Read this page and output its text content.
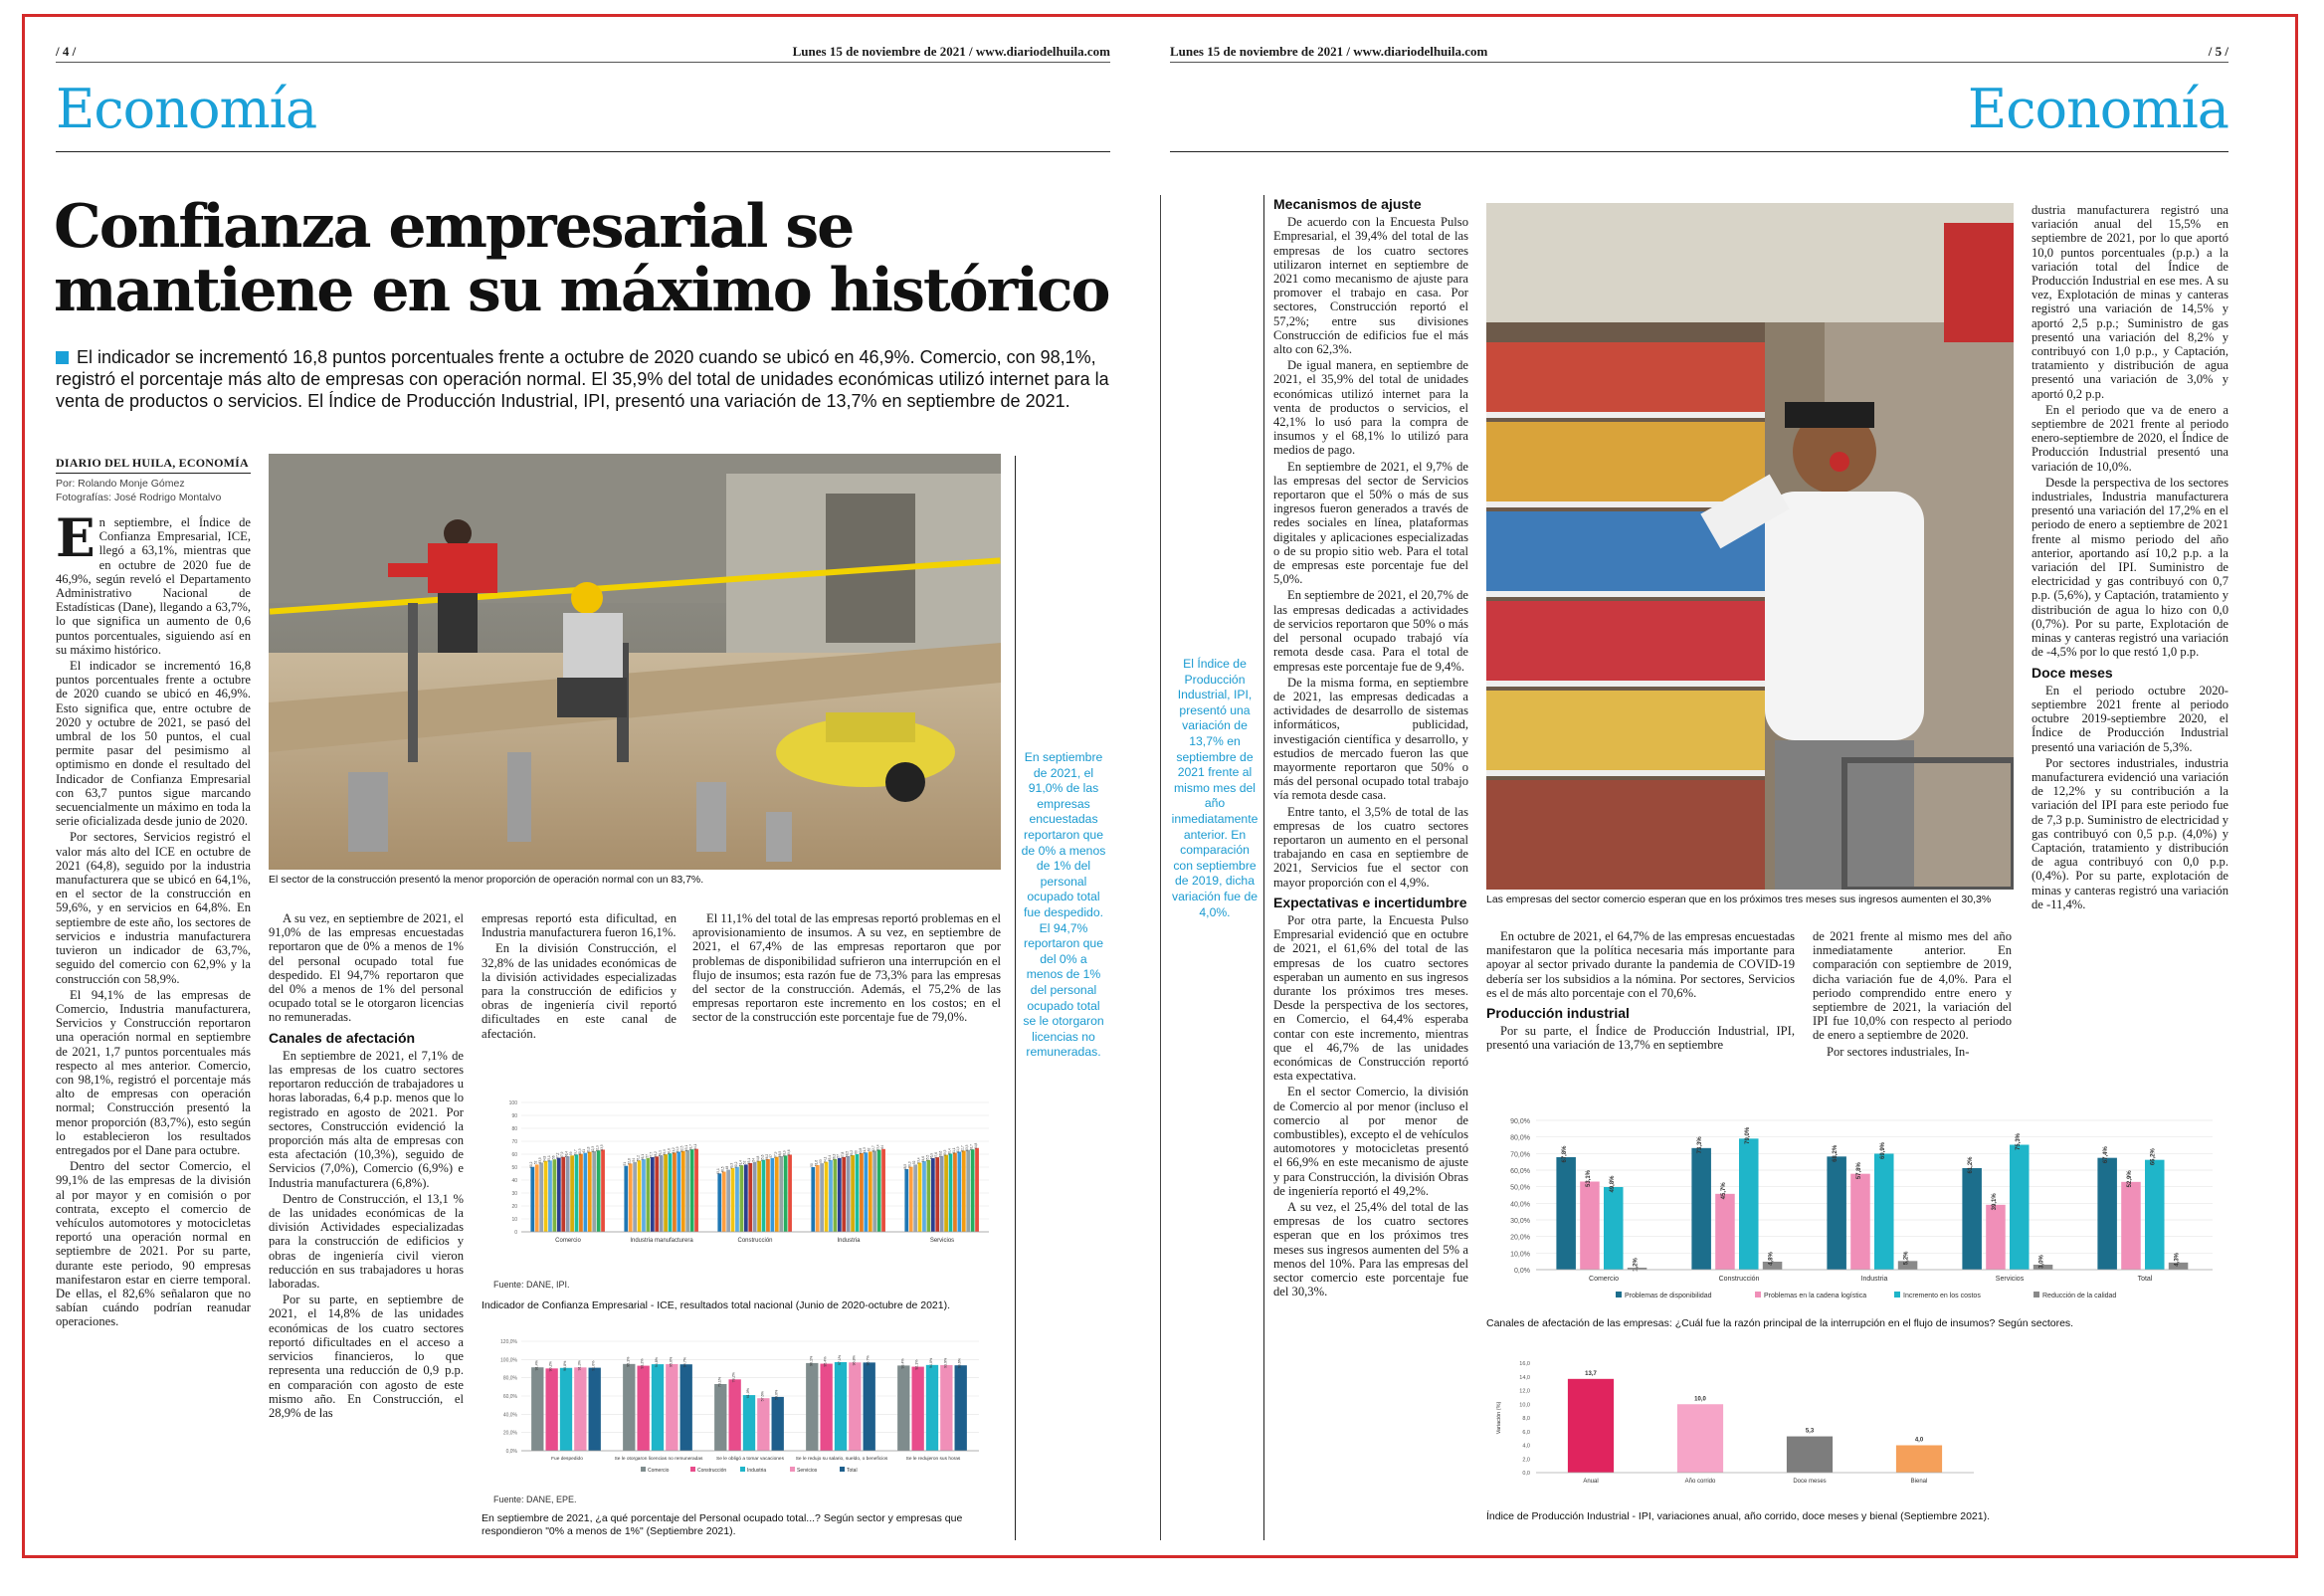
/ 4 /	Lunes 15 de noviembre de 2021 / www.diariodelhuila.com
Economía
Confianza empresarial se
mantiene en su máximo histórico
El indicador se incrementó 16,8 puntos porcentuales frente a octubre de 2020 cuando se ubicó en 46,9%. Comercio, con 98,1%, registró el porcentaje más alto de empresas con operación normal. El 35,9% del total de unidades económicas utilizó internet para la venta de productos o servicios. El Índice de Producción Industrial, IPI, presentó una variación de 13,7% en septiembre de 2021.
DIARIO DEL HUILA, ECONOMÍA
Por: Rolando Monje Gómez
Fotografías: José Rodrigo Montalvo

En septiembre, el Índice de Confianza Empresarial, ICE, llegó a 63,1%, mientras que en octubre de 2020 fue de 46,9%, según reveló el Departamento Administrativo Nacional de Estadísticas (Dane), llegando a 63,7%, lo que significa un aumento de 0,6 puntos porcentuales, siguiendo así en su máximo histórico.

El indicador se incrementó 16,8 puntos porcentuales frente a octubre de 2020 cuando se ubicó en 46,9%. Esto significa que, entre octubre de 2020 y octubre de 2021, se pasó del umbral de los 50 puntos, el cual permite pasar del pesimismo al optimismo en donde el resultado del Indicador de Confianza Empresarial con 63,7 puntos sigue marcando secuencialmente un máximo en toda la serie oficializada desde junio de 2020.

Por sectores, Servicios registró el valor más alto del ICE en octubre de 2021 (64,8), seguido por la industria manufacturera que se ubicó en 64,1%, en el sector de la construcción en 59,6%, y en servicios en 64,8%. En septiembre de este año, los sectores de servicios e industria manufacturera tuvieron un indicador de 63,7%, seguido del comercio con 62,9% y la construcción con 58,9%.

El 94,1% de las empresas de Comercio, Industria manufacturera, Servicios y Construcción reportaron una operación normal en septiembre de 2021, 1,7 puntos porcentuales más respecto al mes anterior. Comercio, con 98,1%, registró el porcentaje más alto de empresas con operación normal; Construcción presentó la menor proporción (83,7%), esto según lo establecieron los resultados entregados por el Dane para octubre.

Dentro del sector Comercio, el 99,1% de las empresas de la división al por mayor y en comisión o por contrata, excepto el comercio de vehículos automotores y motocicletas reportó una operación normal en septiembre de 2021. Por su parte, durante este periodo, 90 empresas manifestaron estar en cierre temporal. De ellas, el 82,6% señalaron que no sabían cuándo podrían reanudar operaciones.

El sector de la construcción presentó la menor proporción de operación normal con un 83,7%.
En septiembre de 2021, el 91,0% de las empresas encuestadas reportaron que de 0% a menos de 1% del personal ocupado total fue despedido. El 94,7% reportaron que del 0% a menos de 1% del personal ocupado total se le otorgaron licencias no remuneradas.

A su vez, en septiembre de 2021, el 91,0% de las empresas encuestadas reportaron que de 0% a menos de 1% del personal ocupado total fue despedido. El 94,7% reportaron que del 0% a menos de 1% del personal ocupado total se le otorgaron licencias no remuneradas.

Canales de afectación

En septiembre de 2021, el 7,1% de las empresas de los cuatro sectores reportaron reducción de trabajadores u horas laboradas, 6,4 p.p. menos que lo registrado en agosto de 2021. Por sectores, Construcción evidenció la proporción más alta de empresas con esta afectación (10,3%), seguido de Servicios (7,0%), Comercio (6,9%) e Industria manufacturera (6,8%).

Dentro de Construcción, el 13,1 % de las unidades económicas de la división Actividades especializadas para la construcción de edificios y obras de ingeniería civil vieron reducción en sus trabajadores u horas laboradas.

Por su parte, en septiembre de 2021, el 14,8% de las unidades económicas de los cuatro sectores reportó dificultades en el acceso a servicios financieros, lo que representa una reducción de 0,9 p.p. en comparación con agosto de este mismo año. En Construcción, el 28,9% de las

empresas reportó esta dificultad, en Industria manufacturera fueron 16,1%.

En la división Construcción, el 32,8% de las unidades económicas de la división actividades especializadas para la construcción de edificios y obras de ingeniería civil reportó dificultades en este canal de afectación.

El 11,1% del total de las empresas reportó problemas en el aprovisionamiento de insumos. A su vez, en septiembre de 2021, el 67,4% de las empresas reportaron que por problemas de disponibilidad sufrieron una interrupción en el flujo de insumos; esta razón fue de 73,3% para las empresas del sector de la construcción. Además, el 75,2% de las empresas reportaron este incremento en los costos; en el sector de la construcción este porcentaje fue de 79,0%.

0
10
20
30
40
50
60
70
80
90
100
50,2 52 53,5 54,8 55,1 56 57,2 57,9 58,4 59 59,7 60,3 61 61,8 62,3 62,9 63,5
Comercio
51 52,8 54 55,2 56,1 57 57,7 58,2 59,1 59,9 60,6 61,2 61,9 62,5 63,1 63,7 64,1
Industria manufacturera
45,1 46,5 48 49,3 50,2 51,4 52 53,1 54 54,8 55,6 56,2 57 57,9 58,5 58,9 59,6
Construcción
50 51,6 53 54,1 55,4 56,3 57 57,8 58,5 59,2 60 60,8 61,3 62 62,7 63,4 64
Industria
48,5 50,3 52 53,4 54,6 55,5 56,9 57,6 58,6 59,5 60,4 61,1 61,9 62,7 63,3 63,7 64,8
Servicios
Fuente: DANE, IPI.
Indicador de Confianza Empresarial - ICE, resultados total nacional (Junio de 2020-octubre de 2021).
0,0%
20,0%
40,0%
60,0%
80,0%
100,0%
120,0%
91,4%	90,2%	90,8%	91,3%	91,0%
Fue despedido
95,1%	93,2%	94,8%	95,0%	94,7%
Se le otorgaron licencias no remuneradas
73,1%	78,2%
61,0%	57,6%	59,0%
Se le obligó a tomar vacaciones
96,1%	95,4%	97,1%	96,8%	96,7%
Se le redujo su salario, sueldo, o beneficios
93,4%	92,1%	94,0%	93,9%	93,6%
Se le redujeron sus horas
Comercio	Construcción	Industria	Servicios	Total
Fuente: DANE, EPE.
En septiembre de 2021, ¿a qué porcentaje del Personal ocupado total...? Según sector y empresas que respondieron "0% a menos de 1%" (Septiembre 2021).
Lunes 15 de noviembre de 2021 / www.diariodelhuila.com	/ 5 /
Economía
El Índice de Producción Industrial, IPI, presentó una variación de 13,7% en septiembre de 2021 frente al mismo mes del año inmediatamente anterior. En comparación con septiembre de 2019, dicha variación fue de 4,0%.
Mecanismos de ajuste

De acuerdo con la Encuesta Pulso Empresarial, el 39,4% del total de las empresas de los cuatro sectores utilizaron internet en septiembre de 2021 como mecanismo de ajuste para promover el trabajo en casa. Por sectores, Construcción reportó el 57,2%; entre sus divisiones Construcción de edificios fue el más alto con 62,3%.

De igual manera, en septiembre de 2021, el 35,9% del total de unidades económicas utilizó internet para la venta de productos o servicios, el 42,1% lo usó para la compra de insumos y el 68,1% lo utilizó para medios de pago.

En septiembre de 2021, el 9,7% de las empresas del sector de Servicios reportaron que el 50% o más de sus ingresos fueron generados a través de redes sociales en línea, plataformas digitales y aplicaciones especializadas o de su propio sitio web. Para el total de empresas este porcentaje fue del 5,0%.

En septiembre de 2021, el 20,7% de las empresas dedicadas a actividades de servicios reportaron que 50% o más del personal ocupado trabajó vía remota desde casa. Para el total de empresas este porcentaje fue de 9,4%.

De la misma forma, en septiembre de 2021, las empresas dedicadas a actividades de desarrollo de sistemas informáticos, publicidad, investigación científica y desarrollo, y estudios de mercado fueron las que mayormente reportaron que 50% o más del personal ocupado total trabajo vía remota desde casa.

Entre tanto, el 3,5% de total de las empresas de los cuatro sectores reportaron un aumento en el personal trabajando en casa en septiembre de 2021, Servicios fue el sector con mayor proporción con el 4,9%.

Expectativas e incertidumbre

Por otra parte, la Encuesta Pulso Empresarial evidenció que en octubre de 2021, el 61,6% del total de las empresas de los cuatro sectores esperaban un aumento en sus ingresos durante los próximos tres meses. Desde la perspectiva de los sectores, en Comercio, el 64,4% esperaba contar con este incremento, mientras que el 46,7% de las unidades económicas de Construcción reportó esta expectativa.

En el sector Comercio, la división de Comercio al por menor (incluso el comercio al por menor de combustibles), excepto el de vehículos automotores y motocicletas presentó el 66,9% en este mecanismo de ajuste y para Construcción, la división Obras de ingeniería reportó el 49,2%.

A su vez, el 25,4% del total de las empresas de los cuatro sectores esperan que en los próximos tres meses sus ingresos aumenten del 5% a menos del 10%. Para las empresas del sector comercio este porcentaje fue del 30,3%.

Las empresas del sector comercio esperan que en los próximos tres meses sus ingresos aumenten el 30,3%

En octubre de 2021, el 64,7% de las empresas encuestadas manifestaron que la política necesaria más importante para apoyar al sector privado durante la pandemia de COVID-19 debería ser los subsidios a la nómina. Por sectores, Servicios es el de más alto porcentaje con el 70,6%.

Producción industrial

Por su parte, el Índice de Producción Industrial, IPI, presentó una variación de 13,7% en septiembre

de 2021 frente al mismo mes del año inmediatamente anterior. En comparación con septiembre de 2019, dicha variación fue de 4,0%. Para el periodo comprendido entre enero y septiembre de 2021, la variación del IPI fue 10,0% con respecto al periodo de enero a septiembre de 2020.

Por sectores industriales, In-

dustria manufacturera registró una variación anual del 15,5% en septiembre de 2021, por lo que aportó 10,0 puntos porcentuales (p.p.) a la variación total del Índice de Producción Industrial en ese mes. A su vez, Explotación de minas y canteras registró una variación de 14,5% y aportó 2,5 p.p.; Suministro de gas presentó una variación del 8,2% y contribuyó con 1,0 p.p., y Captación, tratamiento y distribución de agua presentó una variación de 3,0% y aportó 0,2 p.p.

En el periodo que va de enero a septiembre de 2021 frente al periodo enero-septiembre de 2020, el Índice de Producción Industrial presentó una variación de 10,0%.

Desde la perspectiva de los sectores industriales, Industria manufacturera presentó una variación del 17,2% en el periodo de enero a septiembre de 2021 frente al mismo periodo del año anterior, aportando así 10,2 p.p. a la variación del IPI. Suministro de electricidad y gas contribuyó con 0,7 p.p. (5,6%), y Captación, tratamiento y distribución de agua lo hizo con 0,0 (0,7%). Por su parte, Explotación de minas y canteras registró una variación de -4,5% por lo que restó 1,0 p.p.

Doce meses

En el periodo octubre 2020-septiembre 2021 frente al periodo octubre 2019-septiembre 2020, el Índice de Producción Industrial presentó una variación de 5,3%.

Por sectores industriales, industria manufacturera evidenció una variación de 12,2% y su contribución a la variación del IPI para este periodo fue de 7,3 p.p. Suministro de electricidad y gas contribuyó con 0,5 p.p. (4,0%) y Captación, tratamiento y distribución de agua contribuyó con 0,0 p.p. (0,4%). Por su parte, explotación de minas y canteras registró una variación de -11,4%.

0,0%
10,0%
20,0%
30,0%
40,0%
50,0%
60,0%
70,0%
80,0%
90,0%
67,8%
53,1%	49,8%
1,2%
Comercio
73,3%
45,7%
79,0%
4,8%
Construcción
68,2%
57,8%
69,9%
5,2%
Industria
61,2%
39,1%
75,3%
3,0%
Servicios
67,4%
52,9%
66,2%
4,3%
Total
Problemas de disponibilidad	Problemas en la cadena logística	Incremento en los costos	Reducción de la calidad
Canales de afectación de las empresas: ¿Cuál fue la razón principal de la interrupción en el flujo de insumos? Según sectores.
0,0
2,0
4,0
6,0
8,0
10,0
12,0
14,0
16,0
Variación (%)
13,7
Anual
10,0
Año corrido
5,3
Doce meses
4,0
Bienal
Índice de Producción Industrial - IPI, variaciones anual, año corrido, doce meses y bienal (Septiembre 2021).
